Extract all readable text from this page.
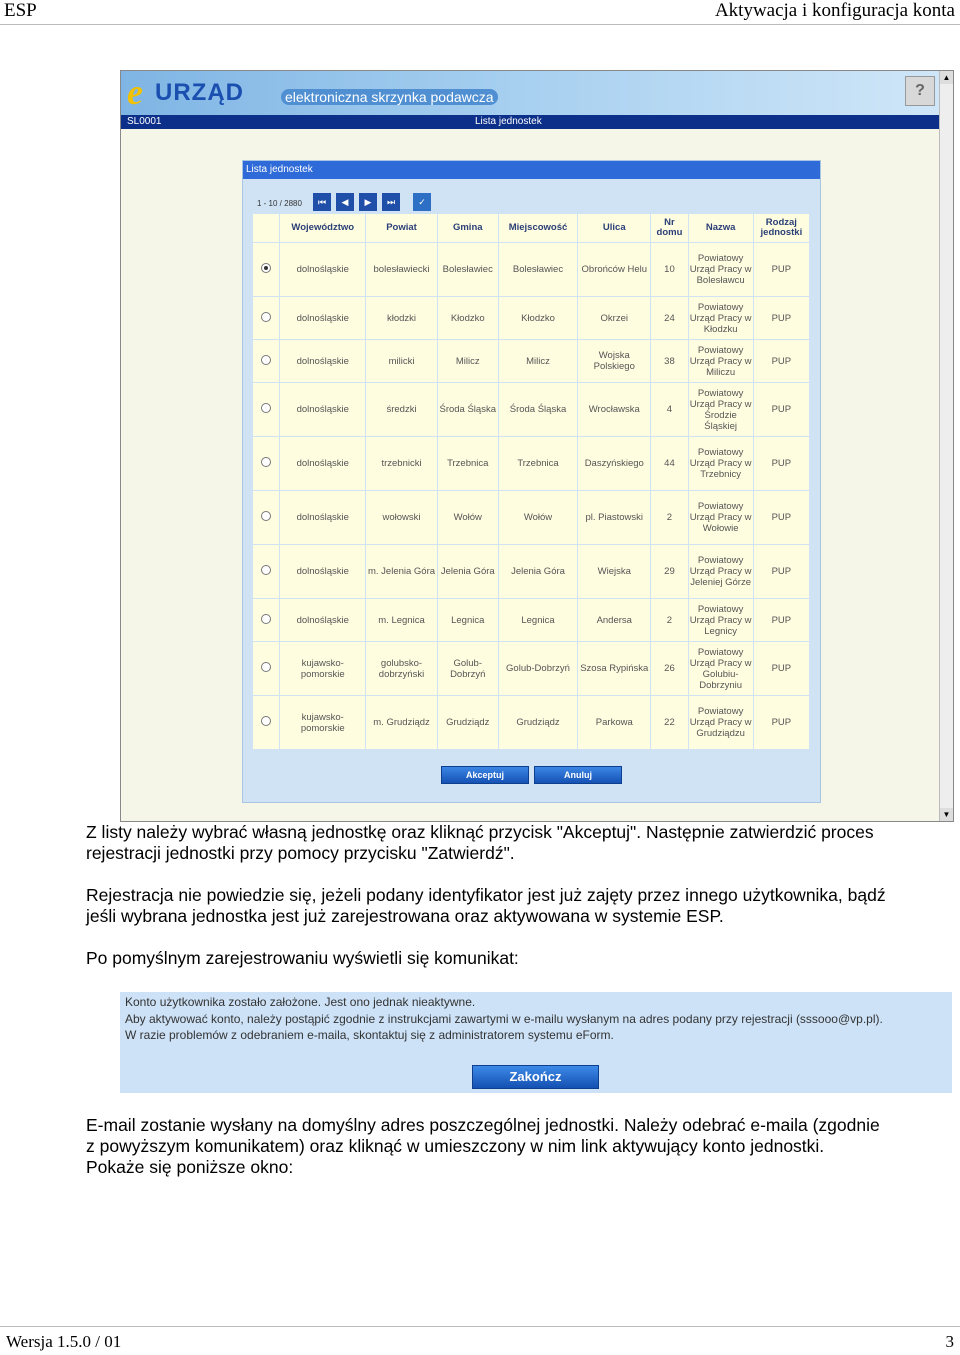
ESP	Aktywacja i konfiguracja konta
e URZĄD	elektroniczna skrzynka podawcza	?
SL0001	Lista jednostek
▲
▼
Lista jednostek
1 - 10 / 2880	⏮	◀	▶	⏭	✓
	Województwo	Powiat	Gmina	Miejscowość	Ulica	Nr domu	Nazwa	Rodzaj jednostki
	dolnośląskie	bolesławiecki	Bolesławiec	Bolesławiec	Obrońców Helu	10	Powiatowy Urząd Pracy w Bolesławcu	PUP
	dolnośląskie	kłodzki	Kłodzko	Kłodzko	Okrzei	24	Powiatowy Urząd Pracy w Kłodzku	PUP
	dolnośląskie	milicki	Milicz	Milicz	Wojska Polskiego	38	Powiatowy Urząd Pracy w Miliczu	PUP
	dolnośląskie	średzki	Środa Śląska	Środa Śląska	Wrocławska	4	Powiatowy Urząd Pracy w Środzie Śląskiej	PUP
	dolnośląskie	trzebnicki	Trzebnica	Trzebnica	Daszyńskiego	44	Powiatowy Urząd Pracy w Trzebnicy	PUP
	dolnośląskie	wołowski	Wołów	Wołów	pl. Piastowski	2	Powiatowy Urząd Pracy w Wołowie	PUP
	dolnośląskie	m. Jelenia Góra	Jelenia Góra	Jelenia Góra	Wiejska	29	Powiatowy Urząd Pracy w Jeleniej Górze	PUP
	dolnośląskie	m. Legnica	Legnica	Legnica	Andersa	2	Powiatowy Urząd Pracy w Legnicy	PUP
	kujawsko-pomorskie	golubsko-dobrzyński	Golub-Dobrzyń	Golub-Dobrzyń	Szosa Rypińska	26	Powiatowy Urząd Pracy w Golubiu-Dobrzyniu	PUP
	kujawsko-pomorskie	m. Grudziądz	Grudziądz	Grudziądz	Parkowa	22	Powiatowy Urząd Pracy w Grudziądzu	PUP
Akceptuj	Anuluj
Z listy należy wybrać własną jednostkę oraz kliknąć przycisk "Akceptuj". Następnie zatwierdzić proces
rejestracji jednostki przy pomocy przycisku "Zatwierdź".
Rejestracja nie powiedzie się, jeżeli podany identyfikator jest już zajęty przez innego użytkownika, bądź
jeśli wybrana jednostka jest już zarejestrowana oraz aktywowana w systemie ESP.
Po pomyślnym zarejestrowaniu wyświetli się komunikat:
Konto użytkownika zostało założone. Jest ono jednak nieaktywne.
Aby aktywować konto, należy postąpić zgodnie z instrukcjami zawartymi w e-mailu wysłanym na adres podany przy rejestracji (sssooo@vp.pl).
W razie problemów z odebraniem e-maila, skontaktuj się z administratorem systemu eForm.
Zakończ
E-mail zostanie wysłany na domyślny adres poszczególnej jednostki. Należy odebrać e-maila (zgodnie
z powyższym komunikatem) oraz kliknąć w umieszczony w nim link aktywujący konto jednostki.
Pokaże się poniższe okno:
Wersja 1.5.0 / 01	3
